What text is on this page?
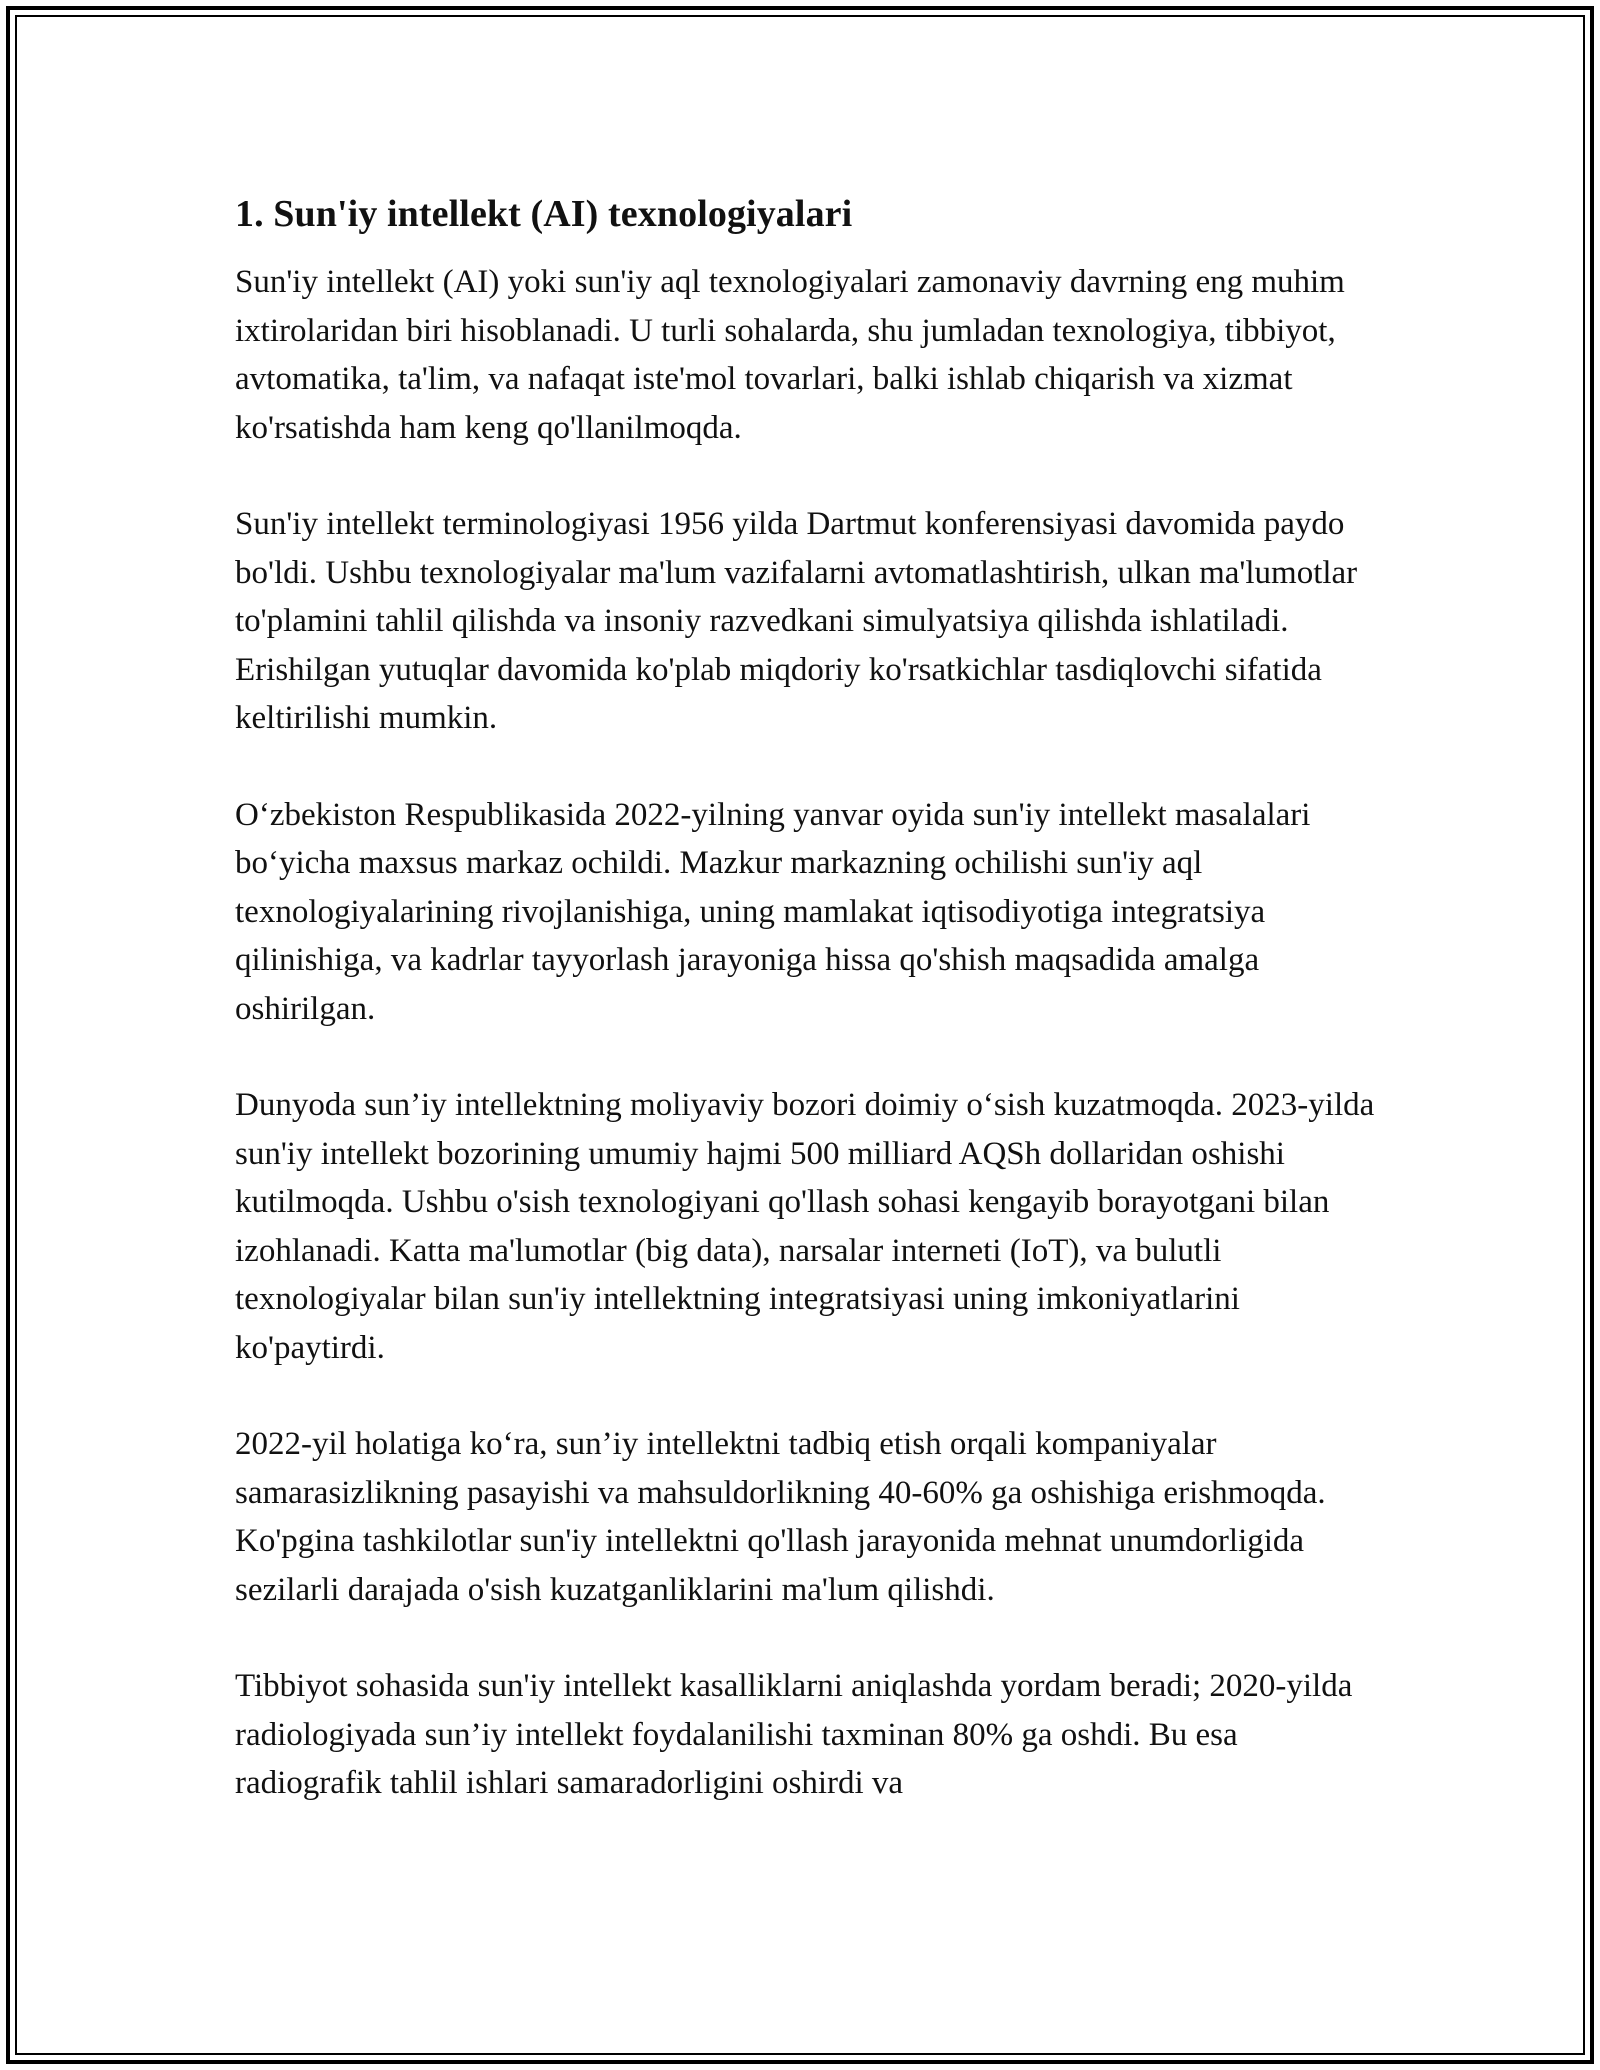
1. Sun'iy intellekt (AI) texnologiyalari

Sun'iy intellekt (AI) yoki sun'iy aql texnologiyalari zamonaviy davrning eng muhim ixtirolaridan biri hisoblanadi. U turli sohalarda, shu jumladan texnologiya, tibbiyot, avtomatika, ta'lim, va nafaqat iste'mol tovarlari, balki ishlab chiqarish va xizmat ko'rsatishda ham keng qo'llanilmoqda.

Sun'iy intellekt terminologiyasi 1956 yilda Dartmut konferensiyasi davomida paydo bo'ldi. Ushbu texnologiyalar ma'lum vazifalarni avtomatlashtirish, ulkan ma'lumotlar to'plamini tahlil qilishda va insoniy razvedkani simulyatsiya qilishda ishlatiladi. Erishilgan yutuqlar davomida ko'plab miqdoriy ko'rsatkichlar tasdiqlovchi sifatida keltirilishi mumkin.

O‘zbekiston Respublikasida 2022-yilning yanvar oyida sun'iy intellekt masalalari bo‘yicha maxsus markaz ochildi. Mazkur markazning ochilishi sun'iy aql texnologiyalarining rivojlanishiga, uning mamlakat iqtisodiyotiga integratsiya qilinishiga, va kadrlar tayyorlash jarayoniga hissa qo'shish maqsadida amalga oshirilgan.

Dunyoda sun’iy intellektning moliyaviy bozori doimiy o‘sish kuzatmoqda. 2023-yilda sun'iy intellekt bozorining umumiy hajmi 500 milliard AQSh dollaridan oshishi kutilmoqda. Ushbu o'sish texnologiyani qo'llash sohasi kengayib borayotgani bilan izohlanadi. Katta ma'lumotlar (big data), narsalar interneti (IoT), va bulutli texnologiyalar bilan sun'iy intellektning integratsiyasi uning imkoniyatlarini ko'paytirdi.

2022-yil holatiga ko‘ra, sun’iy intellektni tadbiq etish orqali kompaniyalar samarasizlikning pasayishi va mahsuldorlikning 40-60% ga oshishiga erishmoqda. Ko'pgina tashkilotlar sun'iy intellektni qo'llash jarayonida mehnat unumdorligida sezilarli darajada o'sish kuzatganliklarini ma'lum qilishdi.

Tibbiyot sohasida sun'iy intellekt kasalliklarni aniqlashda yordam beradi; 2020-yilda radiologiyada sun’iy intellekt foydalanilishi taxminan 80% ga oshdi. Bu esa radiografik tahlil ishlari samaradorligini oshirdi va
